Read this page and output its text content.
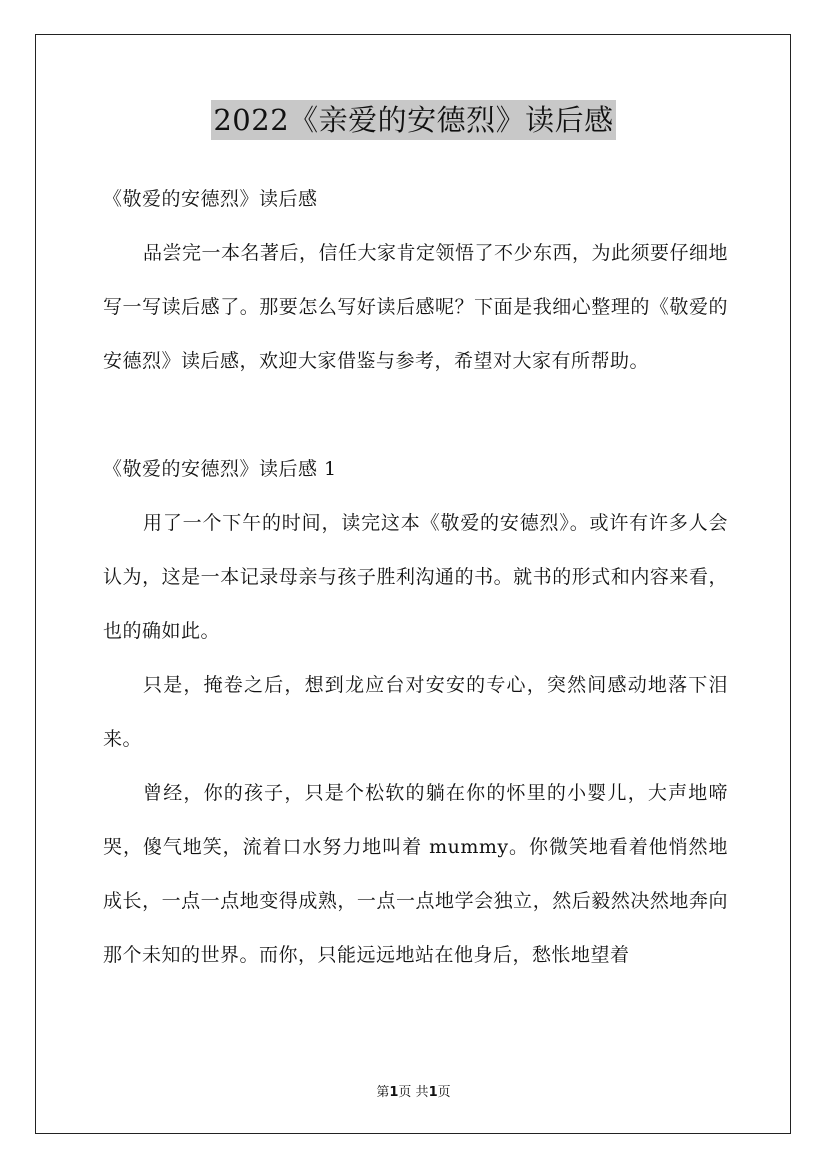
2022《亲爱的安德烈》读后感

《敬爱的安德烈》读后感

品尝完一本名著后，信任大家肯定领悟了不少东西，为此须要仔细地写一写读后感了。那要怎么写好读后感呢？下面是我细心整理的《敬爱的安德烈》读后感，欢迎大家借鉴与参考，希望对大家有所帮助。

《敬爱的安德烈》读后感 1

用了一个下午的时间，读完这本《敬爱的安德烈》。或许有许多人会认为，这是一本记录母亲与孩子胜利沟通的书。就书的形式和内容来看，也的确如此。

只是，掩卷之后，想到龙应台对安安的专心，突然间感动地落下泪来。

曾经，你的孩子，只是个松软的躺在你的怀里的小婴儿，大声地啼哭，傻气地笑，流着口水努力地叫着 mummy。你微笑地看着他悄然地成长，一点一点地变得成熟，一点一点地学会独立，然后毅然决然地奔向那个未知的世界。而你，只能远远地站在他身后，愁怅地望着

第1页 共1页
